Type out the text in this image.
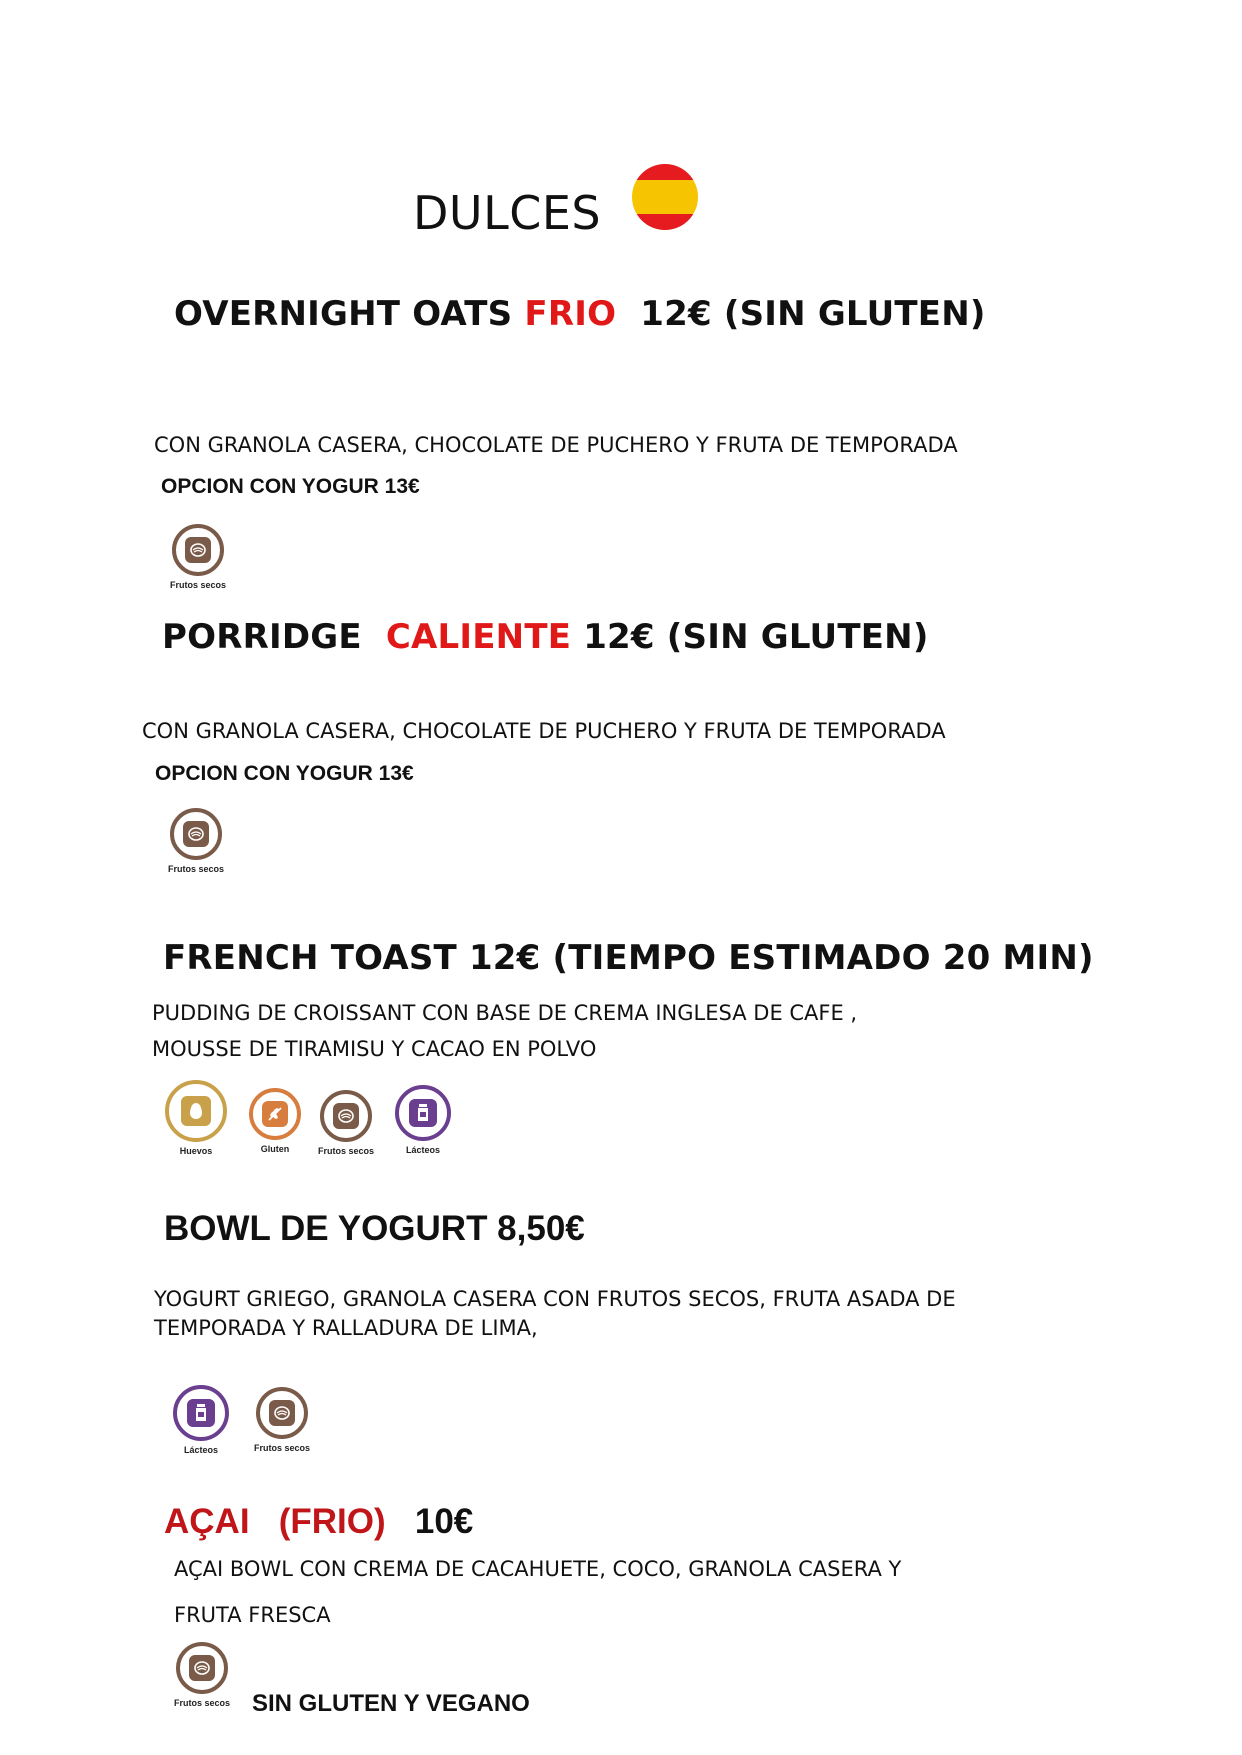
DULCES
OVERNIGHT OATS FRIO 12€ (SIN GLUTEN)
CON GRANOLA CASERA, CHOCOLATE DE PUCHERO Y FRUTA DE TEMPORADA
OPCION CON YOGUR 13€
Frutos secos
PORRIDGE CALIENTE 12€ (SIN GLUTEN)
CON GRANOLA CASERA, CHOCOLATE DE PUCHERO Y FRUTA DE TEMPORADA
OPCION CON YOGUR 13€
Frutos secos
FRENCH TOAST 12€ (TIEMPO ESTIMADO 20 MIN)
PUDDING DE CROISSANT CON BASE DE CREMA INGLESA DE CAFE ,
MOUSSE DE TIRAMISU Y CACAO EN POLVO
Huevos	Gluten	Frutos secos	Lácteos
BOWL DE YOGURT 8,50€
YOGURT GRIEGO, GRANOLA CASERA CON FRUTOS SECOS, FRUTA ASADA DE
TEMPORADA Y RALLADURA DE LIMA,
Lácteos	Frutos secos
AÇAI (FRIO) 10€
AÇAI BOWL CON CREMA DE CACAHUETE, COCO, GRANOLA CASERA Y
FRUTA FRESCA
Frutos secos SIN GLUTEN Y VEGANO
